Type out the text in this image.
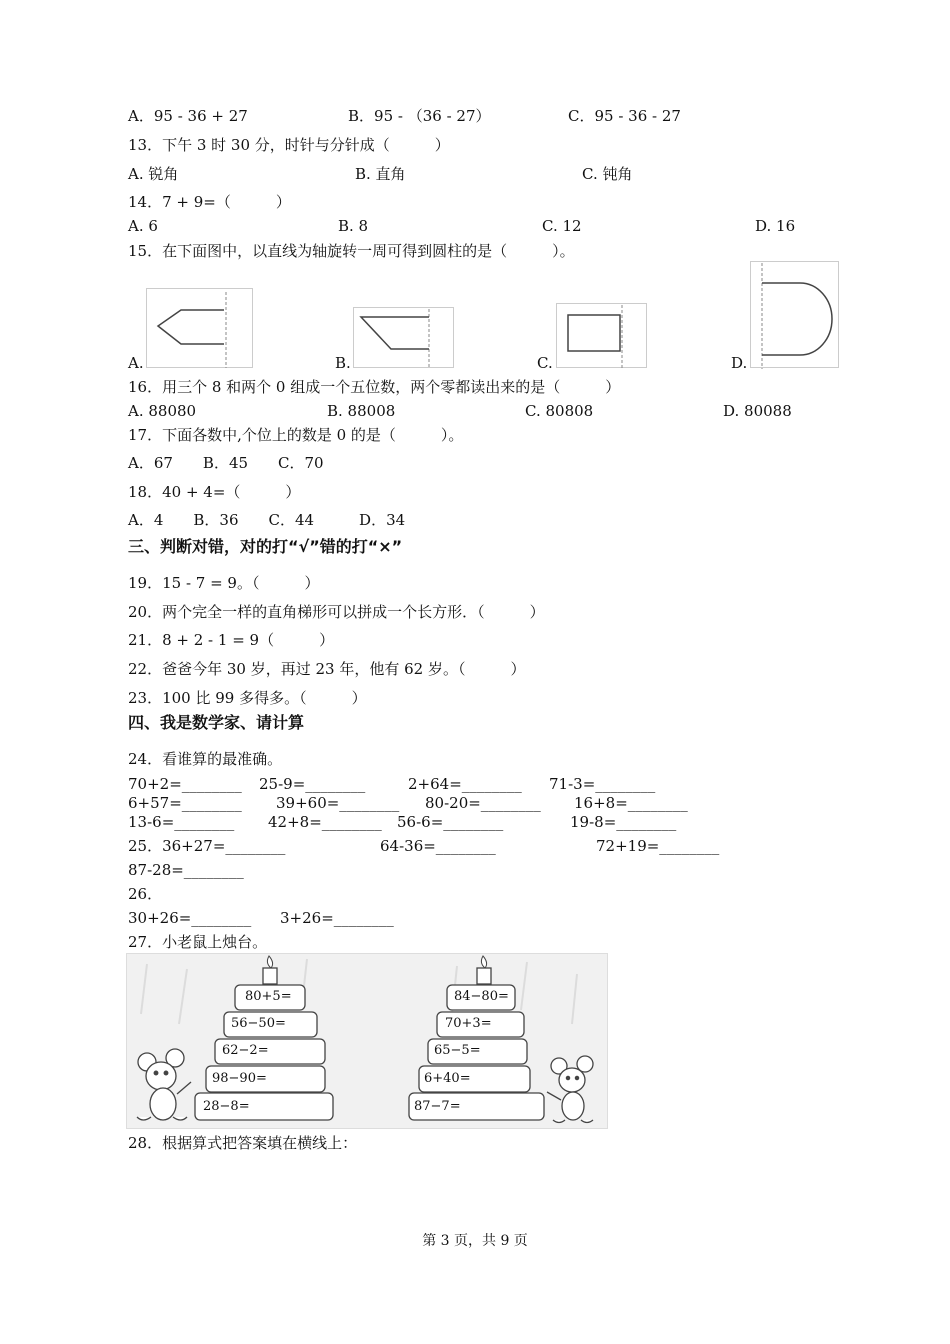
A．95 - 36 + 27	B．95 - （36 - 27）	C．95 - 36 - 27
13．下午 3 时 30 分，时针与分针成（　　　）
A. 锐角	B. 直角	C. 钝角
14．7 + 9=（　　　）
A. 6	B. 8	C. 12	D. 16
15．在下面图中，以直线为轴旋转一周可得到圆柱的是（　　　）。
A.	B.	C.	D.
16．用三个 8 和两个 0 组成一个五位数，两个零都读出来的是（　　　）
A. 88080	B. 88008	C. 80808	D. 80088
17．下面各数中,个位上的数是 0 的是（　　　）。
A．67　　B．45　　C．70
18．40 + 4=（　　　）
A．4　　B．36　　C．44　　　D．34
三、判断对错，对的打“√”错的打“×”
19．15 - 7 = 9。（　　　）
20．两个完全一样的直角梯形可以拼成一个长方形．（　　　）
21．8 + 2 - 1 = 9（　　　）
22．爸爸今年 30 岁，再过 23 年，他有 62 岁。（　　　）
23．100 比 99 多得多。（　　　）
四、我是数学家、请计算
24．看谁算的最准确。
70+2=________ 25-9=________	2+64=________ 71-3=________
6+57=________ 39+60=________ 80-20=________ 16+8=________
13-6=________ 42+8=________ 56-6=________	19-8=________
25．36+27=________	64-36=________	72+19=________
87-28=________
26．
30+26=________ 3+26=________
27．小老鼠上烛台。
80+5=
56−50=
62−2=
98−90=
28−8=
84−80=
70+3=
65−5=
6+40=
87−7=
28．根据算式把答案填在横线上：
第 3 页，共 9 页
